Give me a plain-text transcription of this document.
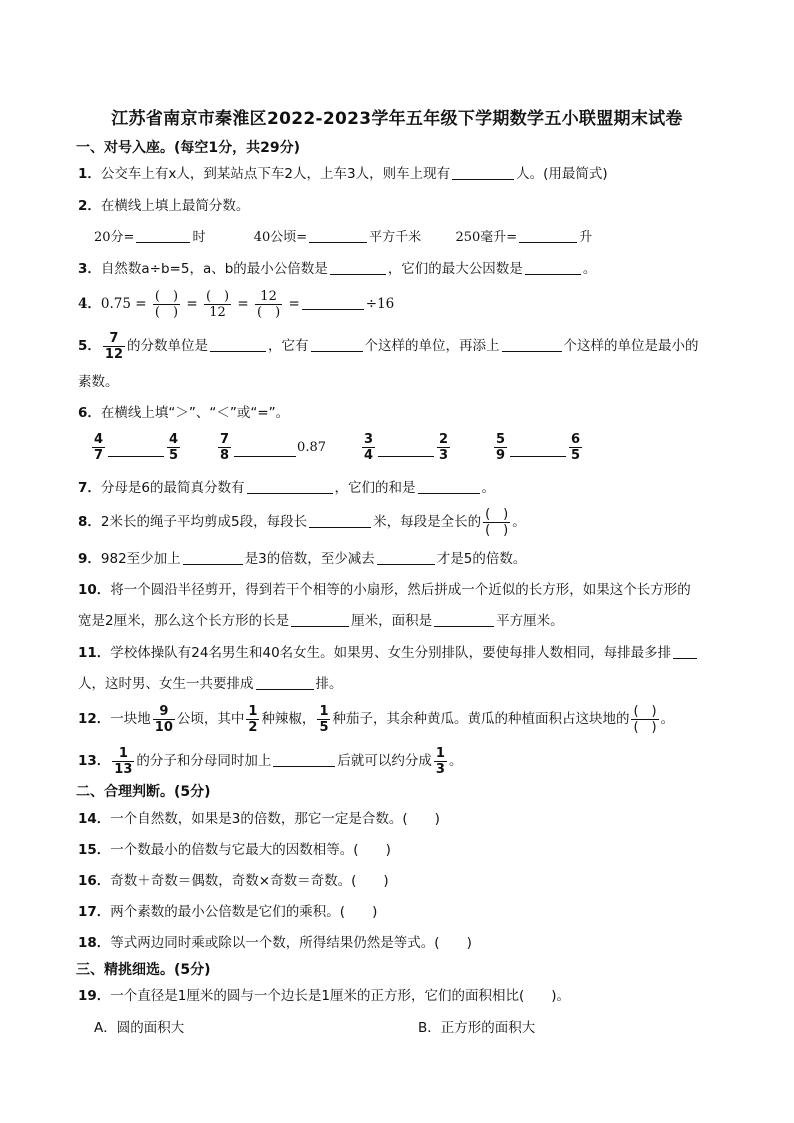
江苏省南京市秦淮区2022-2023学年五年级下学期数学五小联盟期末试卷
一、对号入座。(每空1分，共29分)
1．公交车上有x人，到某站点下车2人，上车3人，则车上现有	人。(用最简式)
2．在横线上填上最简分数。
20分=	时	40公顷=	平方千米	250毫升=	升
3．自然数a÷b=5，a、b的最小公倍数是	，它们的最大公因数是	。
4．$0.75 = \frac{( )}{( )} = \frac{( )}{12} = \frac{12}{( )}$ =	÷16
5． $\frac{7}{12}$ 的分数单位是	，它有	个这样的单位，再添上	个这样的单位是最小的
素数。
6．在横线上填“＞”、“＜”或“=”。
$\frac{4}{7}$	$\frac{4}{5}$	$\frac{7}{8}$	0.87	$\frac{3}{4}$	$\frac{2}{3}$	$\frac{5}{9}$	$\frac{6}{5}$
7．分母是6的最简真分数有	，它们的和是	。
8．2米长的绳子平均剪成5段，每段长	米，每段是全长的 $\frac{( )}{( )}$ 。
9．982至少加上	是3的倍数，至少减去	才是5的倍数。
10．将一个圆沿半径剪开，得到若干个相等的小扇形，然后拼成一个近似的长方形，如果这个长方形的
宽是2厘米，那么这个长方形的长是	厘米，面积是	平方厘米。
11．学校体操队有24名男生和40名女生。如果男、女生分别排队，要使每排人数相同，每排最多排
人，这时男、女生一共要排成	排。
12．一块地 $\frac{9}{10}$ 公顷，其中 $\frac{1}{2}$ 种辣椒， $\frac{1}{5}$ 种茄子，其余种黄瓜。黄瓜的种植面积占这块地的 $\frac{( )}{( )}$ 。
13． $\frac{1}{13}$ 的分子和分母同时加上	后就可以约分成 $\frac{1}{3}$ 。
二、合理判断。(5分)
14．一个自然数，如果是3的倍数，那它一定是合数。(　　)
15．一个数最小的倍数与它最大的因数相等。(　　)
16．奇数＋奇数＝偶数，奇数×奇数＝奇数。(　　)
17．两个素数的最小公倍数是它们的乘积。(　　)
18．等式两边同时乘或除以一个数，所得结果仍然是等式。(　　)
三、精挑细选。(5分)
19．一个直径是1厘米的圆与一个边长是1厘米的正方形，它们的面积相比(　　)。
A．圆的面积大	B．正方形的面积大
